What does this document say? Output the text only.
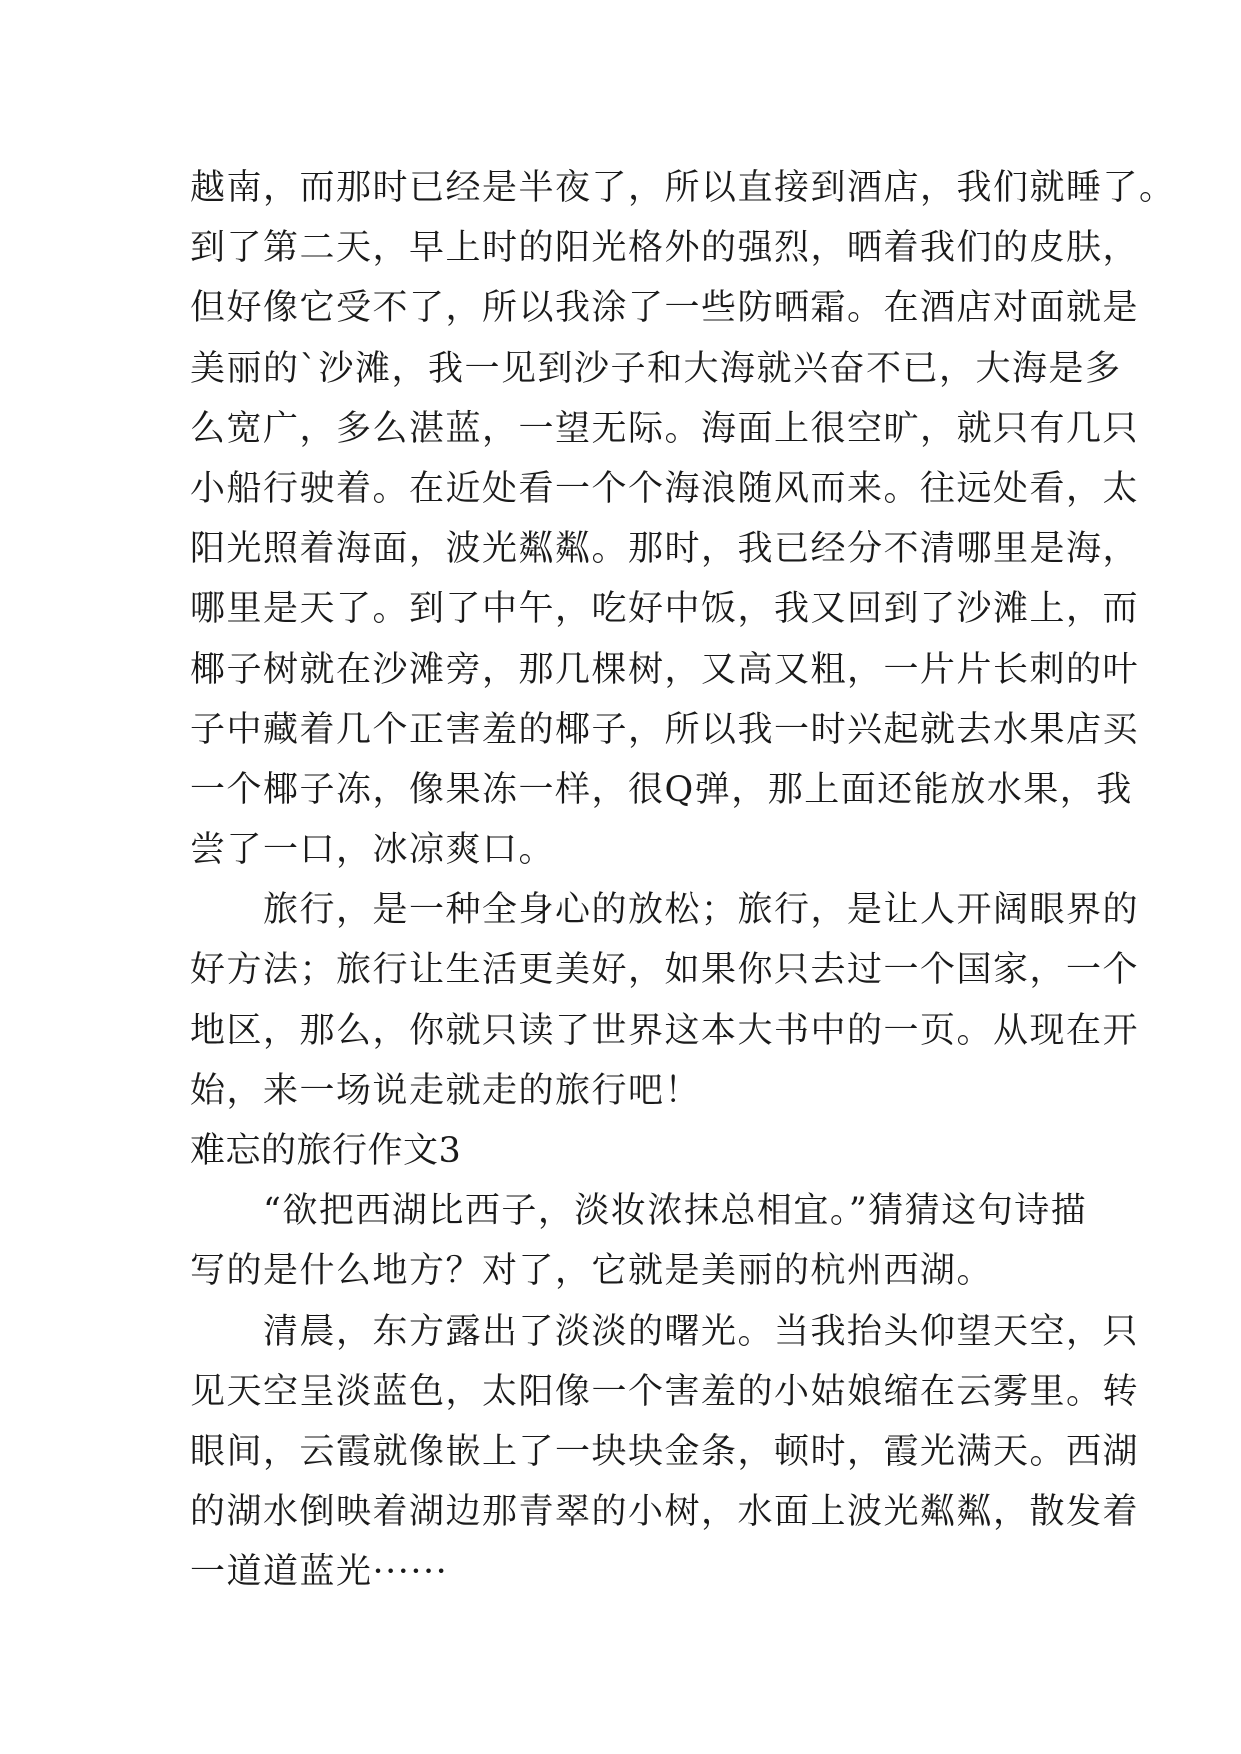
越南，而那时已经是半夜了，所以直接到酒店，我们就睡了。
到了第二天，早上时的阳光格外的强烈，晒着我们的皮肤，
但好像它受不了，所以我涂了一些防晒霜。在酒店对面就是
美丽的`沙滩，我一见到沙子和大海就兴奋不已，大海是多
么宽广，多么湛蓝，一望无际。海面上很空旷，就只有几只
小船行驶着。在近处看一个个海浪随风而来。往远处看，太
阳光照着海面，波光粼粼。那时，我已经分不清哪里是海，
哪里是天了。到了中午，吃好中饭，我又回到了沙滩上，而
椰子树就在沙滩旁，那几棵树，又高又粗，一片片长刺的叶
子中藏着几个正害羞的椰子，所以我一时兴起就去水果店买
一个椰子冻，像果冻一样，很Q弹，那上面还能放水果，我
尝了一口，冰凉爽口。
　　旅行，是一种全身心的放松；旅行，是让人开阔眼界的
好方法；旅行让生活更美好，如果你只去过一个国家，一个
地区，那么，你就只读了世界这本大书中的一页。从现在开
始，来一场说走就走的旅行吧！
难忘的旅行作文3
　　“欲把西湖比西子，淡妆浓抹总相宜。”猜猜这句诗描
写的是什么地方？对了，它就是美丽的杭州西湖。
　　清晨，东方露出了淡淡的曙光。当我抬头仰望天空，只
见天空呈淡蓝色，太阳像一个害羞的小姑娘缩在云雾里。转
眼间，云霞就像嵌上了一块块金条，顿时，霞光满天。西湖
的湖水倒映着湖边那青翠的小树，水面上波光粼粼，散发着
一道道蓝光······
